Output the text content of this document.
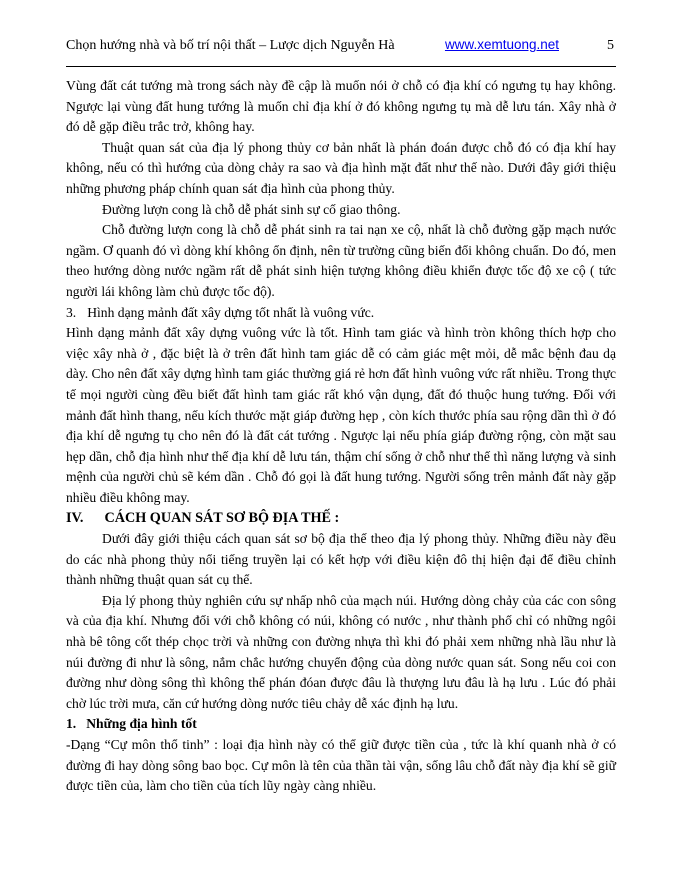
Chọn hướng nhà và bố trí nội thất – Lược dịch Nguyễn Hà	www.xemtuong.net	5

Vùng đất cát tướng mà trong sách này đề cập là muốn nói ở chỗ có địa khí có ngưng tụ hay không. Ngược lại vùng đất hung tướng là muốn chỉ địa khí ở đó không ngưng tụ mà dễ lưu tán. Xây nhà ở đó dễ gặp điều trắc trở, không hay.

Thuật quan sát của địa lý phong thủy cơ bản nhất là phán đoán được chỗ đó có địa khí hay không, nếu có thì hướng của dòng chảy ra sao và địa hình mặt đất như thế nào. Dưới đây giới thiệu những phương pháp chính quan sát địa hình của phong thủy.

Đường lượn cong là chỗ dễ phát sinh sự cố giao thông.

Chỗ đường lượn cong là chỗ dễ phát sinh ra tai nạn xe cộ, nhất là chỗ đường gặp mạch nước ngầm. Ơ quanh đó vì dòng khí không ổn định, nên từ trường cũng biến đổi không chuẩn. Do đó, men theo hướng dòng nước ngầm rất dễ phát sinh hiện tượng không điều khiển được tốc độ xe cộ ( tức người lái không làm chủ được tốc độ).

3. Hình dạng mảnh đất xây dựng tốt nhất là vuông vức.

Hình dạng mảnh đất xây dựng vuông vức là tốt. Hình tam giác và hình tròn không thích hợp cho việc xây nhà ở , đặc biệt là ở trên đất hình tam giác dễ có cảm giác mệt mỏi, dễ mắc bệnh đau dạ dày. Cho nên đất xây dựng hình tam giác thường giá rẻ hơn đất hình vuông vức rất nhiều. Trong thực tế mọi người cùng đều biết đất hình tam giác rất khó vận dụng, đất đó thuộc hung tướng. Đối với mảnh đất hình thang, nếu kích thước mặt giáp đường hẹp , còn kích thước phía sau rộng dần thì ở đó địa khí dễ ngưng tụ cho nên đó là đất cát tướng . Ngược lại nếu phía giáp đường rộng, còn mặt sau hẹp dần, chỗ địa hình như thế địa khí dễ lưu tán, thậm chí sống ở chỗ như thế thì năng lượng và sinh mệnh của người chủ sẽ kém dần . Chỗ đó gọi là đất hung tướng. Người sống trên mảnh đất này gặp nhiều điều không may.

IV. CÁCH QUAN SÁT SƠ BỘ ĐỊA THẾ :

Dưới đây giới thiệu cách quan sát sơ bộ địa thế theo địa lý phong thủy. Những điều này đều do các nhà phong thủy nổi tiếng truyền lại có kết hợp với điều kiện đô thị hiện đại để điều chỉnh thành những thuật quan sát cụ thể.

Địa lý phong thủy nghiên cứu sự nhấp nhô của mạch núi. Hướng dòng chảy của các con sông và của địa khí. Nhưng đối với chỗ không có núi, không có nước , như thành phố chỉ có những ngôi nhà bê tông cốt thép chọc trời và những con đường nhựa thì khi đó phải xem những nhà lầu như là núi đường đi như là sông, nắm chắc hướng chuyển động của dòng nước quan sát. Song nếu coi con đường như dòng sông thì không thể phán đóan được đâu là thượng lưu đâu là hạ lưu . Lúc đó phải chờ lúc trời mưa, căn cứ hướng dòng nước tiêu chảy dễ xác định hạ lưu.

1. Những địa hình tốt

-Dạng “Cự môn thổ tinh” : loại địa hình này có thể giữ được tiền của , tức là khí quanh nhà ở có đường đi hay dòng sông bao bọc. Cự môn là tên của thần tài vận, sống lâu chỗ đất này địa khí sẽ giữ được tiền của, làm cho tiền của tích lũy ngày càng nhiều.
